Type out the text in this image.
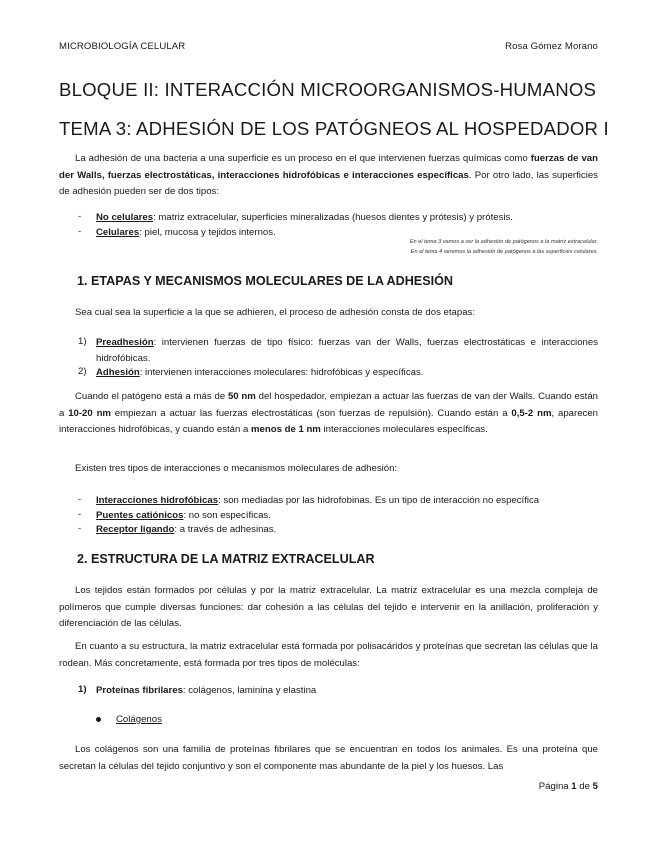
MICROBIOLOGÍA CELULAR	Rosa Gómez Morano
BLOQUE II: INTERACCIÓN MICROORGANISMOS-HUMANOS
TEMA 3: ADHESIÓN DE LOS PATÓGNEOS AL HOSPEDADOR I

La adhesión de una bacteria a una superficie es un proceso en el que intervienen fuerzas químicas como fuerzas de van der Walls, fuerzas electrostáticas, interacciones hidrofóbicas e interacciones específicas. Por otro lado, las superficies de adhesión pueden ser de dos tipos:

- No celulares: matriz extracelular, superficies mineralizadas (huesos dientes y prótesis) y prótesis.
- Celulares: piel, mucosa y tejidos internos.
En el tema 3 vamos a ver la adhesión de patógenos a la matriz extracelular.
En el tema 4 veremos la adhesión de patógenos a las superficies celulares.
1. ETAPAS Y MECANISMOS MOLECULARES DE LA ADHESIÓN

Sea cual sea la superficie a la que se adhieren, el proceso de adhesión consta de dos etapas:

1) Preadhesión: intervienen fuerzas de tipo físico: fuerzas van der Walls, fuerzas electrostáticas e interacciones hidrofóbicas.
2) Adhesión: intervienen interacciones moleculares: hidrofóbicas y específicas.

Cuando el patógeno está a más de 50 nm del hospedador, empiezan a actuar las fuerzas de van der Walls. Cuando están a 10-20 nm empiezan a actuar las fuerzas electrostáticas (son fuerzas de repulsión). Cuando están a 0,5-2 nm, aparecen interacciones hidrofóbicas, y cuando están a menos de 1 nm interacciones moleculares específicas.

Existen tres tipos de interacciones o mecanismos moleculares de adhesión:

- Interacciones hidrofóbicas: son mediadas por las hidrofobinas. Es un tipo de interacción no específica
- Puentes catiónicos: no son específicas.
- Receptor ligando: a través de adhesinas.
2. ESTRUCTURA DE LA MATRIZ EXTRACELULAR

Los tejidos están formados por células y por la matriz extracelular. La matriz extracelular es una mezcla compleja de polímeros que cumple diversas funciones: dar cohesión a las células del tejido e intervenir en la anillación, proliferación y diferenciación de las células.

En cuanto a su estructura, la matriz extracelular está formada por polisacáridos y proteínas que secretan las células que la rodean. Más concretamente, está formada por tres tipos de moléculas:

1) Proteínas fibrilares: colágenos, laminina y elastina
Colágenos

Los colágenos son una familia de proteínas fibrilares que se encuentran en todos los animales. Es una proteína que secretan la células del tejido conjuntivo y son el componente mas abundante de la piel y los huesos. Las

Página 1 de 5
